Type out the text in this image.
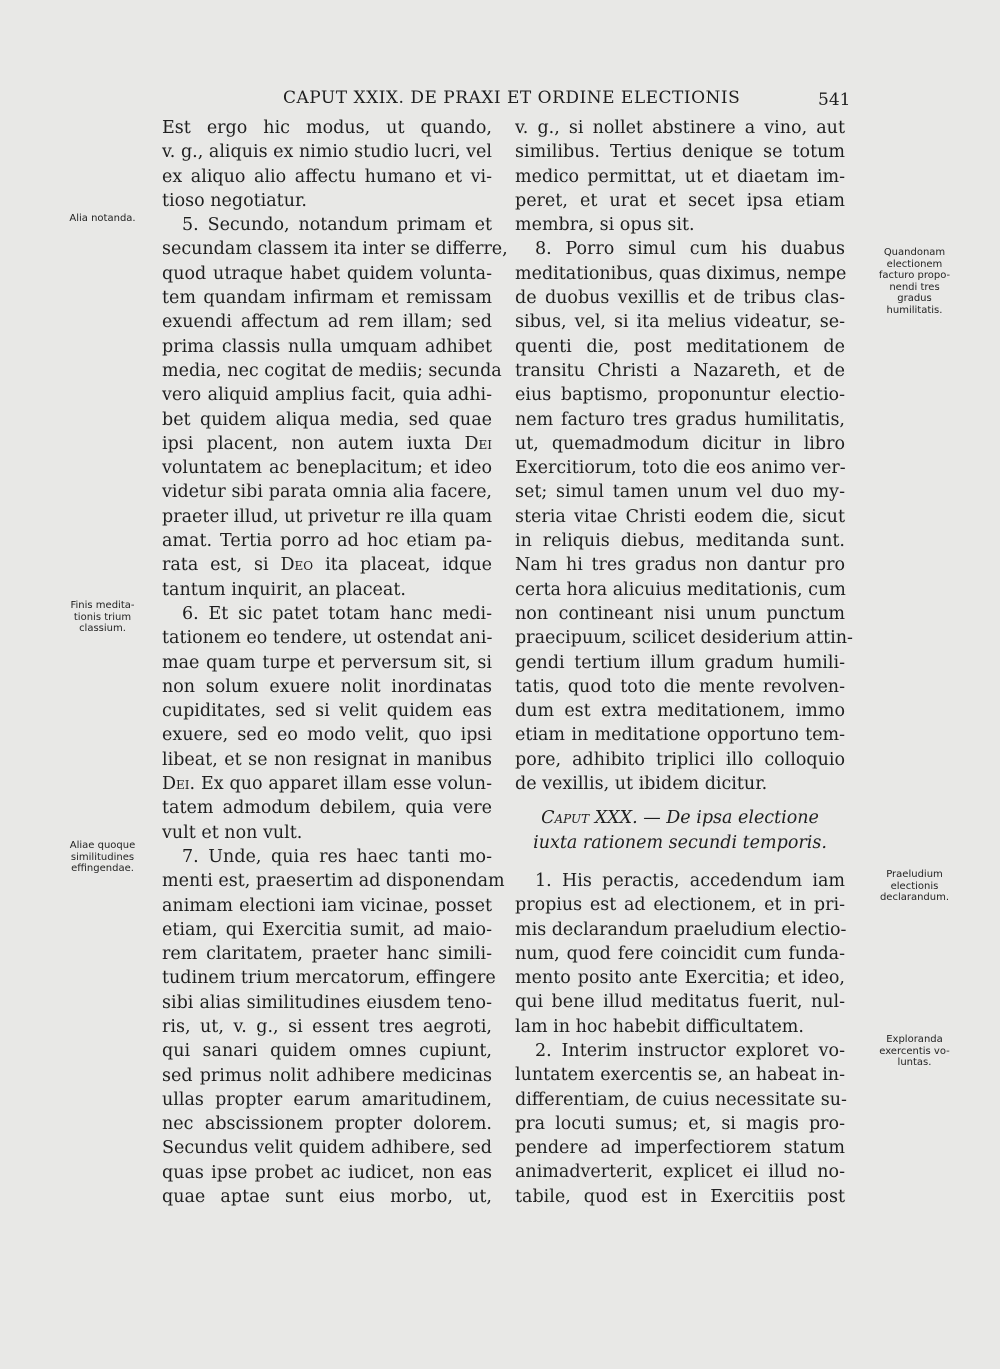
CAPUT XXIX. DE PRAXI ET ORDINE ELECTIONIS	541
Alia notanda.
Finis medita-
tionis trium
classium.
Aliae quoque
similitudines
effingendae.
Quandonam
electionem
facturo propo-
nendi tres
gradus
humilitatis.
Praeludium
electionis
declarandum.
Exploranda
exercentis vo-
luntas.
Est ergo hic modus, ut quando,
v. g., aliquis ex nimio studio lucri, vel
ex aliquo alio affectu humano et vi-
tioso negotiatur.
5. Secundo, notandum primam et
secundam classem ita inter se differre,
quod utraque habet quidem volunta-
tem quandam infirmam et remissam
exuendi affectum ad rem illam; sed
prima classis nulla umquam adhibet
media, nec cogitat de mediis; secunda
vero aliquid amplius facit, quia adhi-
bet quidem aliqua media, sed quae
ipsi placent, non autem iuxta Dei
voluntatem ac beneplacitum; et ideo
videtur sibi parata omnia alia facere,
praeter illud, ut privetur re illa quam
amat. Tertia porro ad hoc etiam pa-
rata est, si Deo ita placeat, idque
tantum inquirit, an placeat.
6. Et sic patet totam hanc medi-
tationem eo tendere, ut ostendat ani-
mae quam turpe et perversum sit, si
non solum exuere nolit inordinatas
cupiditates, sed si velit quidem eas
exuere, sed eo modo velit, quo ipsi
libeat, et se non resignat in manibus
Dei. Ex quo apparet illam esse volun-
tatem admodum debilem, quia vere
vult et non vult.
7. Unde, quia res haec tanti mo-
menti est, praesertim ad disponendam
animam electioni iam vicinae, posset
etiam, qui Exercitia sumit, ad maio-
rem claritatem, praeter hanc simili-
tudinem trium mercatorum, effingere
sibi alias similitudines eiusdem teno-
ris, ut, v. g., si essent tres aegroti,
qui sanari quidem omnes cupiunt,
sed primus nolit adhibere medicinas
ullas propter earum amaritudinem,
nec abscissionem propter dolorem.
Secundus velit quidem adhibere, sed
quas ipse probet ac iudicet, non eas
quae aptae sunt eius morbo, ut,
v. g., si nollet abstinere a vino, aut
similibus. Tertius denique se totum
medico permittat, ut et diaetam im-
peret, et urat et secet ipsa etiam
membra, si opus sit.
8. Porro simul cum his duabus
meditationibus, quas diximus, nempe
de duobus vexillis et de tribus clas-
sibus, vel, si ita melius videatur, se-
quenti die, post meditationem de
transitu Christi a Nazareth, et de
eius baptismo, proponuntur electio-
nem facturo tres gradus humilitatis,
ut, quemadmodum dicitur in libro
Exercitiorum, toto die eos animo ver-
set; simul tamen unum vel duo my-
steria vitae Christi eodem die, sicut
in reliquis diebus, meditanda sunt.
Nam hi tres gradus non dantur pro
certa hora alicuius meditationis, cum
non contineant nisi unum punctum
praecipuum, scilicet desiderium attin-
gendi tertium illum gradum humili-
tatis, quod toto die mente revolven-
dum est extra meditationem, immo
etiam in meditatione opportuno tem-
pore, adhibito triplici illo colloquio
de vexillis, ut ibidem dicitur.
Caput XXX. — De ipsa electione
iuxta rationem secundi temporis.
1. His peractis, accedendum iam
propius est ad electionem, et in pri-
mis declarandum praeludium electio-
num, quod fere coincidit cum funda-
mento posito ante Exercitia; et ideo,
qui bene illud meditatus fuerit, nul-
lam in hoc habebit difficultatem.
2. Interim instructor exploret vo-
luntatem exercentis se, an habeat in-
differentiam, de cuius necessitate su-
pra locuti sumus; et, si magis pro-
pendere ad imperfectiorem statum
animadverterit, explicet ei illud no-
tabile, quod est in Exercitiis post
